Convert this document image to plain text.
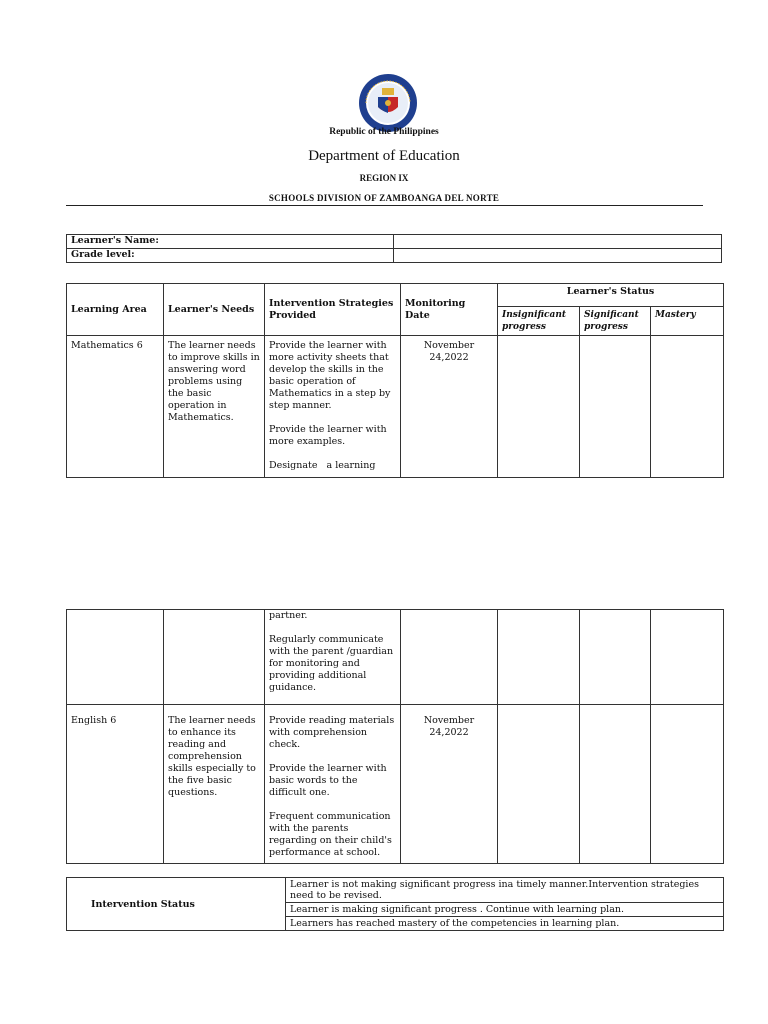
Republic of the Philippines
Department of Education
REGION IX
SCHOOLS DIVISION OF ZAMBOANGA DEL NORTE
Learner's Name:	
Grade level:	
Learning Area	Learner's Needs	Intervention Strategies Provided	Monitoring Date	Learner's Status		
				Insignificant progress	Significant progress	Mastery
Mathematics 6	The learner needs to improve skills in answering word problems using the basic operation in Mathematics.	Provide the learner with more activity sheets that develop the skills in the basic operation of Mathematics in a step by step manner.

Provide the learner with more examples.

Designate   a learning	November 24,2022			

		partner.

Regularly communicate with the parent /guardian for monitoring and providing additional guidance.				

English 6	The learner needs to enhance its reading and comprehension skills especially to the five basic questions.	Provide reading materials with comprehension check.

Provide the learner with basic words to the difficult one.

Frequent communication with the parents regarding on their child's performance at school.	November 24,2022			
Intervention Status	Learner is not making significant progress ina timely manner.Intervention strategies need to be revised.
Learner is making significant progress . Continue with learning plan.
Learners has reached mastery of the competencies in learning plan.
